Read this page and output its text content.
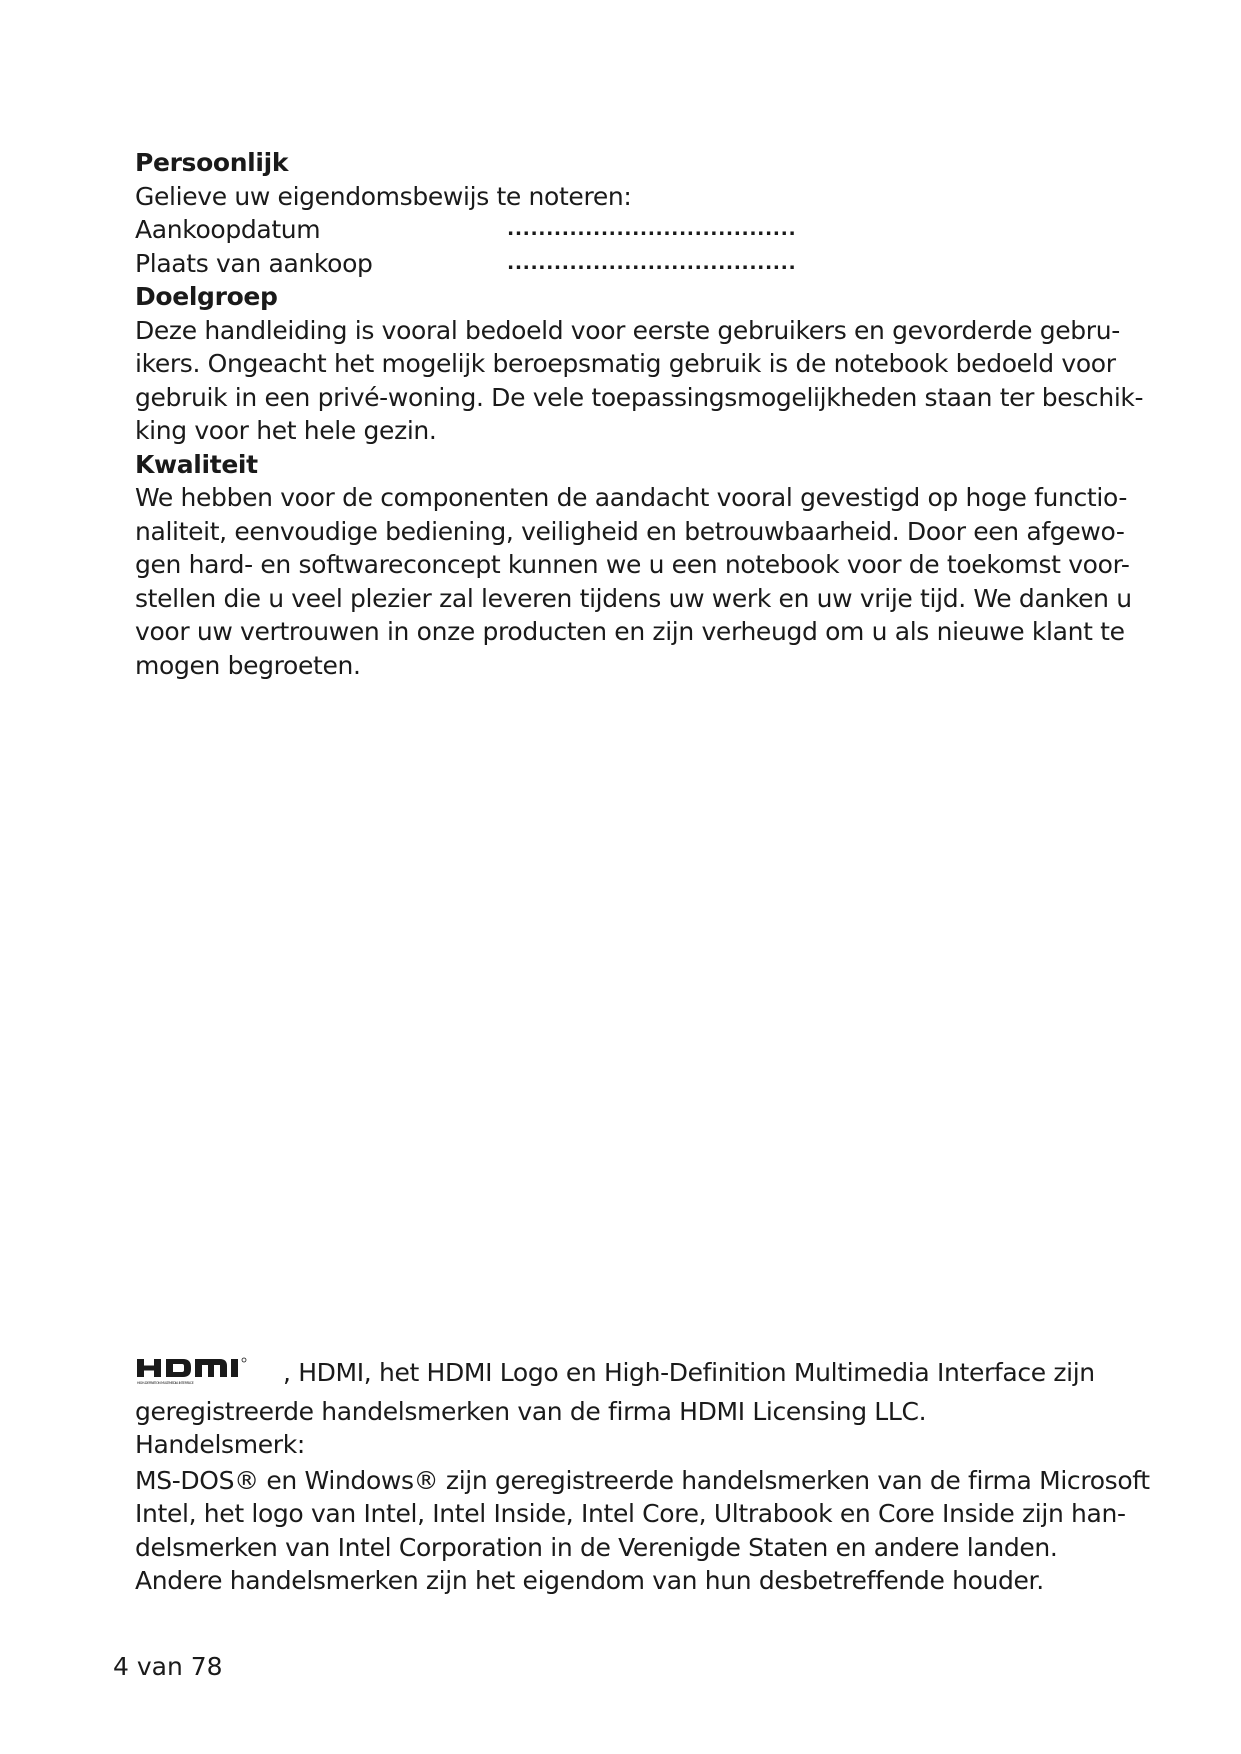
Persoonlijk
Gelieve uw eigendomsbewijs te noteren:
Aankoopdatum	.....................................
Plaats van aankoop	.....................................
Doelgroep
Deze handleiding is vooral bedoeld voor eerste gebruikers en gevorderde gebru-
ikers. Ongeacht het mogelijk beroepsmatig gebruik is de notebook bedoeld voor
gebruik in een privé-woning. De vele toepassingsmogelijkheden staan ter beschik-
king voor het hele gezin.
Kwaliteit
We hebben voor de componenten de aandacht vooral gevestigd op hoge functio-
naliteit, eenvoudige bediening, veiligheid en betrouwbaarheid. Door een afgewo-
gen hard- en softwareconcept kunnen we u een notebook voor de toekomst voor-
stellen die u veel plezier zal leveren tijdens uw werk en uw vrije tijd. We danken u
voor uw vertrouwen in onze producten en zijn verheugd om u als nieuwe klant te
mogen begroeten.
HIGH-DEFINITION MULTIMEDIA INTERFACE	, HDMI, het HDMI Logo en High-Definition Multimedia Interface zijn
geregistreerde handelsmerken van de firma HDMI Licensing LLC.
Handelsmerk:
MS-DOS® en Windows® zijn geregistreerde handelsmerken van de firma Microsoft
Intel, het logo van Intel, Intel Inside, Intel Core, Ultrabook en Core Inside zijn han-
delsmerken van Intel Corporation in de Verenigde Staten en andere landen.
Andere handelsmerken zijn het eigendom van hun desbetreffende houder.
4 van 78
